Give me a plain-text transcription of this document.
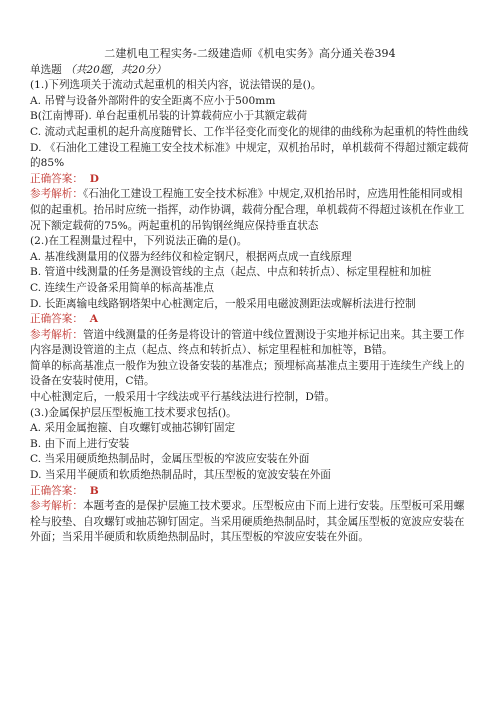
二建机电工程实务-二级建造师《机电实务》高分通关卷394
单选题 （共20题，共20分）

(1.)下列选项关于流动式起重机的相关内容，说法错误的是()。

A. 吊臂与设备外部附件的安全距离不应小于500mm

B(江南博哥). 单台起重机吊装的计算载荷应小于其额定载荷

C. 流动式起重机的起升高度随臂长、工作半径变化而变化的规律的曲线称为起重机的特性曲线

D. 《石油化工建设工程施工安全技术标准》中规定，双机抬吊时，单机载荷不得超过额定载荷的85%

正确答案： D

参考解析：《石油化工建设工程施工安全技术标准》中规定,双机抬吊时，应选用性能相同或相似的起重机。抬吊时应统一指挥，动作协调，载荷分配合理，单机载荷不得超过该机在作业工况下额定载荷的75%。两起重机的吊钩钢丝绳应保持垂直状态

(2.)在工程测量过程中，下列说法正确的是()。

A. 基准线测量用的仪器为经纬仪和检定钢尺，根据两点成一直线原理

B. 管道中线测量的任务是测设管线的主点（起点、中点和转折点）、标定里程桩和加桩

C. 连续生产设备采用简单的标高基准点

D. 长距离输电线路钢塔架中心桩测定后，一般采用电磁波测距法或解析法进行控制

正确答案： A

参考解析：管道中线测量的任务是将设计的管道中线位置测设于实地并标记出来。其主要工作内容是测设管道的主点（起点、终点和转折点）、标定里程桩和加桩等，B错。

简单的标高基准点一般作为独立设备安装的基准点；预埋标高基准点主要用于连续生产线上的设备在安装时使用，C错。

中心桩测定后，一般采用十字线法或平行基线法进行控制，D错。

(3.)金属保护层压型板施工技术要求包括()。

A. 采用金属抱箍、自攻螺钉或抽芯铆钉固定

B. 由下而上进行安装

C. 当采用硬质绝热制品时，金属压型板的窄波应安装在外面

D. 当采用半硬质和软质绝热制品时，其压型板的宽波安装在外面

正确答案： B

参考解析：本题考查的是保护层施工技术要求。压型板应由下而上进行安装。压型板可采用螺栓与胶垫、自攻螺钉或抽芯铆钉固定。当采用硬质绝热制品时，其金属压型板的宽波应安装在外面；当采用半硬质和软质绝热制品时，其压型板的窄波应安装在外面。
